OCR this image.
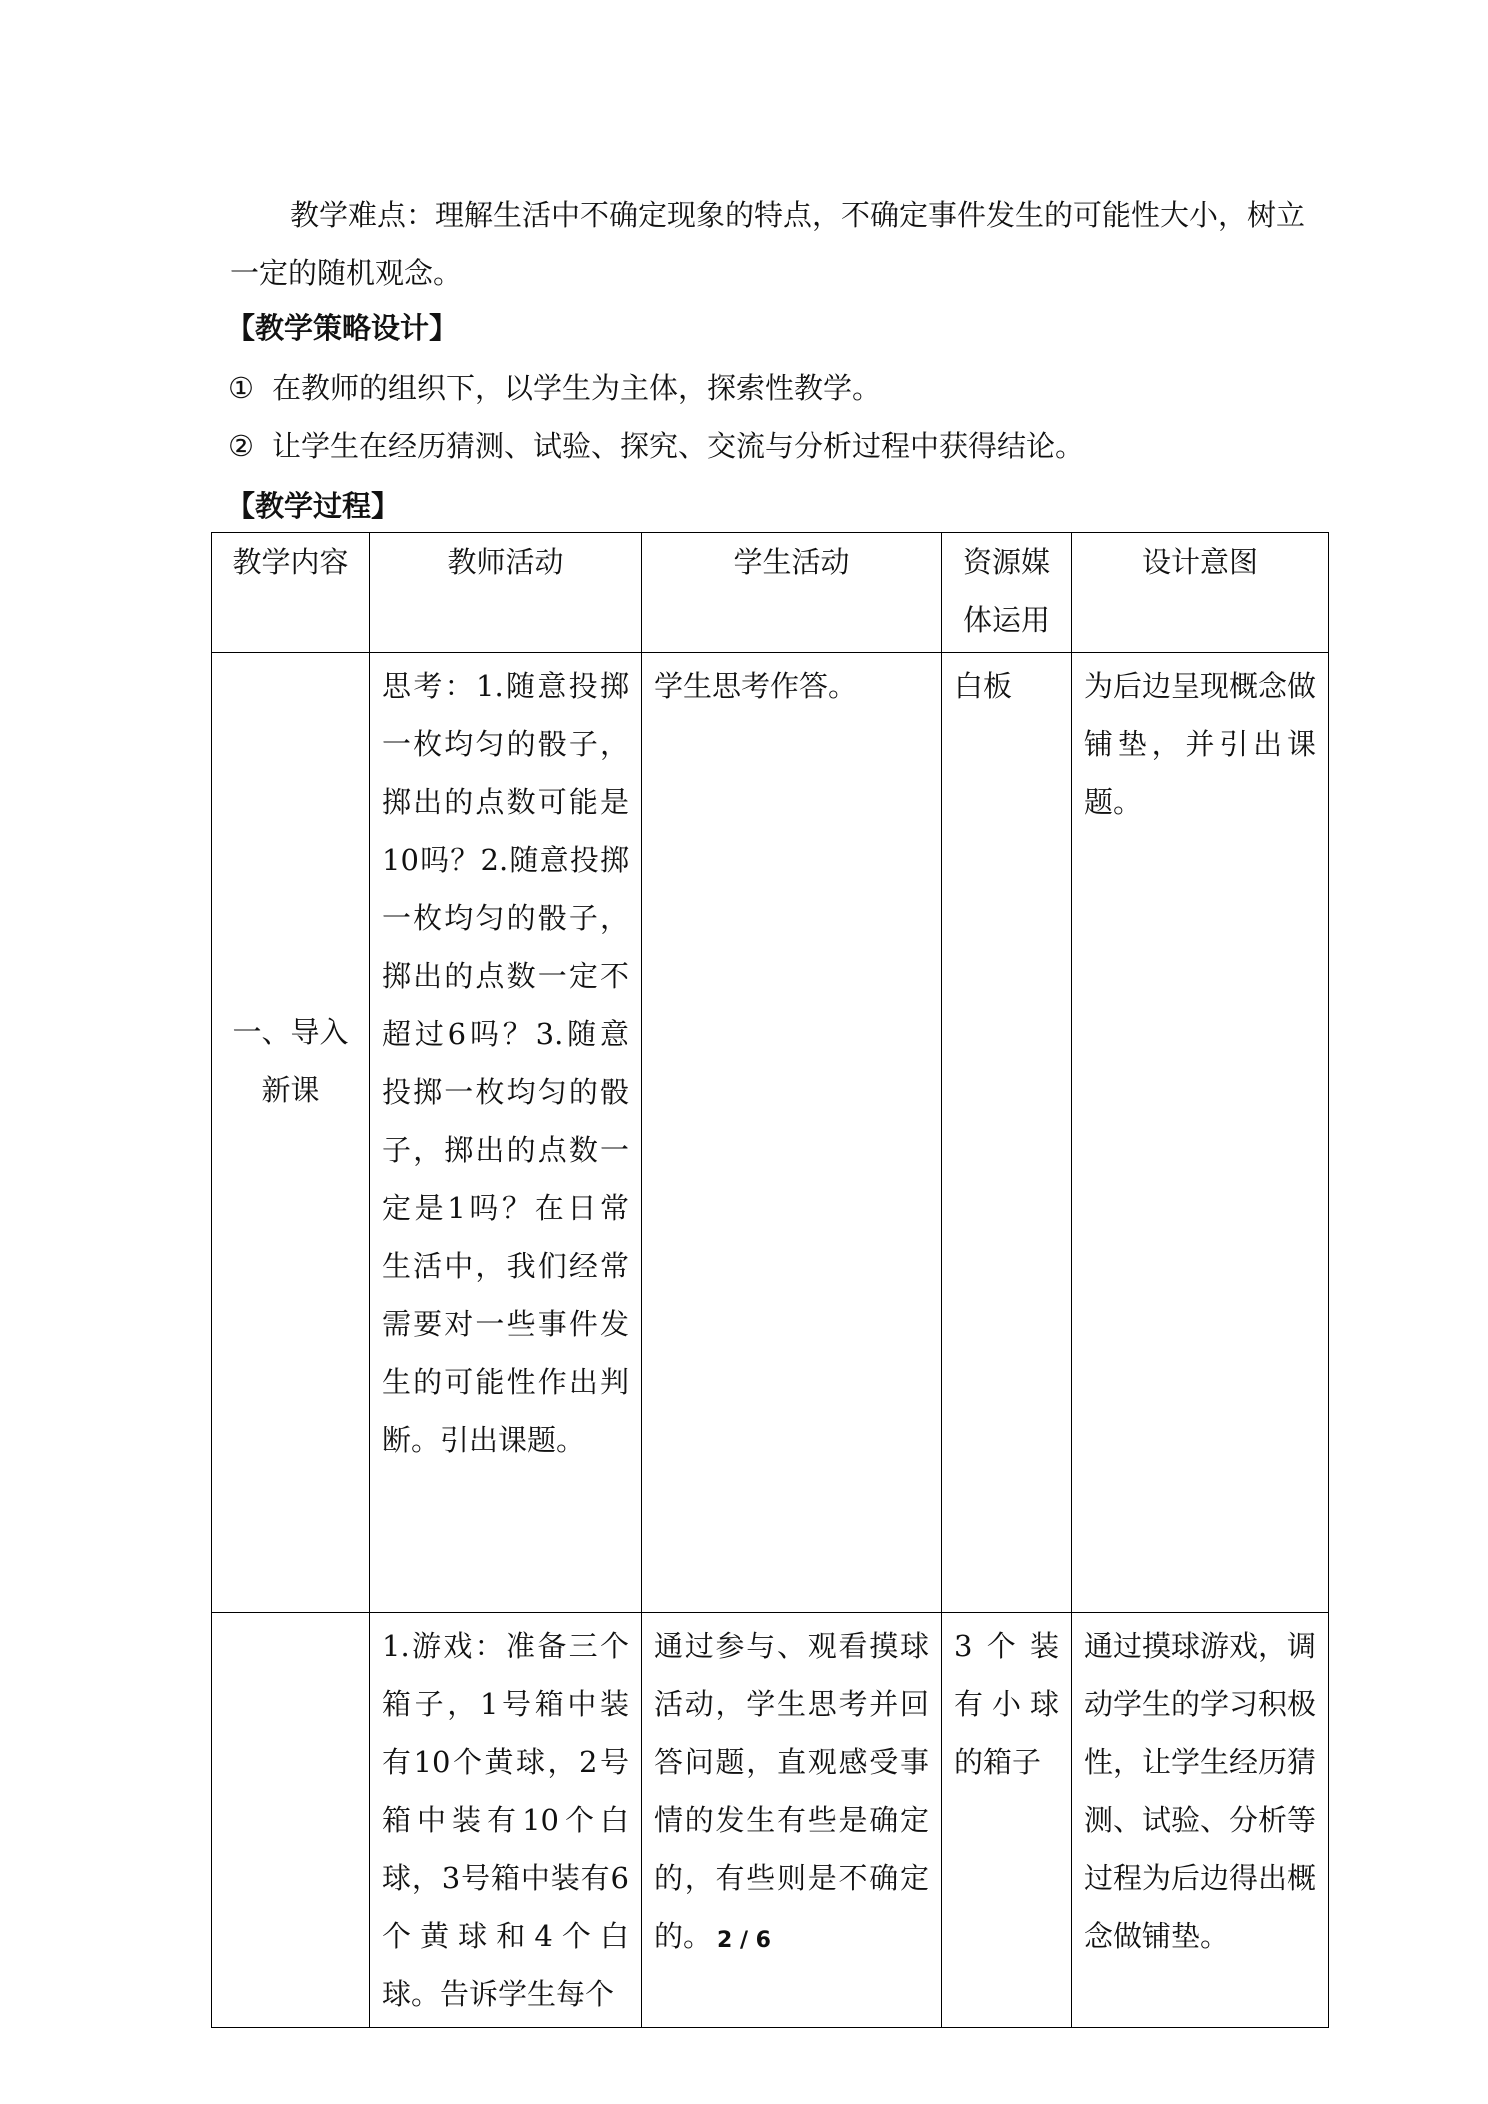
教学难点：理解生活中不确定现象的特点，不确定事件发生的可能性大小，树立一定的随机观念。
【教学策略设计】
① 在教师的组织下，以学生为主体，探索性教学。
② 让学生在经历猜测、试验、探究、交流与分析过程中获得结论。
【教学过程】
教学内容	教师活动	学生活动	资源媒体运用	设计意图

一、导入新课	思考：1.随意投掷一枚均匀的骰子，掷出的点数可能是10吗？2.随意投掷一枚均匀的骰子，掷出的点数一定不超过6吗？3.随意投掷一枚均匀的骰子，掷出的点数一定是1吗？在日常生活中，我们经常需要对一些事件发生的可能性作出判断。引出课题。	学生思考作答。	白板	为后边呈现概念做铺垫，并引出课题。

	1.游戏：准备三个箱子，1号箱中装有10个黄球，2号箱中装有10个白球，3号箱中装有6个黄球和4个白球。告诉学生每个	通过参与、观看摸球活动，学生思考并回答问题，直观感受事情的发生有些是确定的，有些则是不确定的。	3个装有小球的箱子	通过摸球游戏，调动学生的学习积极性，让学生经历猜测、试验、分析等过程为后边得出概念做铺垫。
2 / 6
